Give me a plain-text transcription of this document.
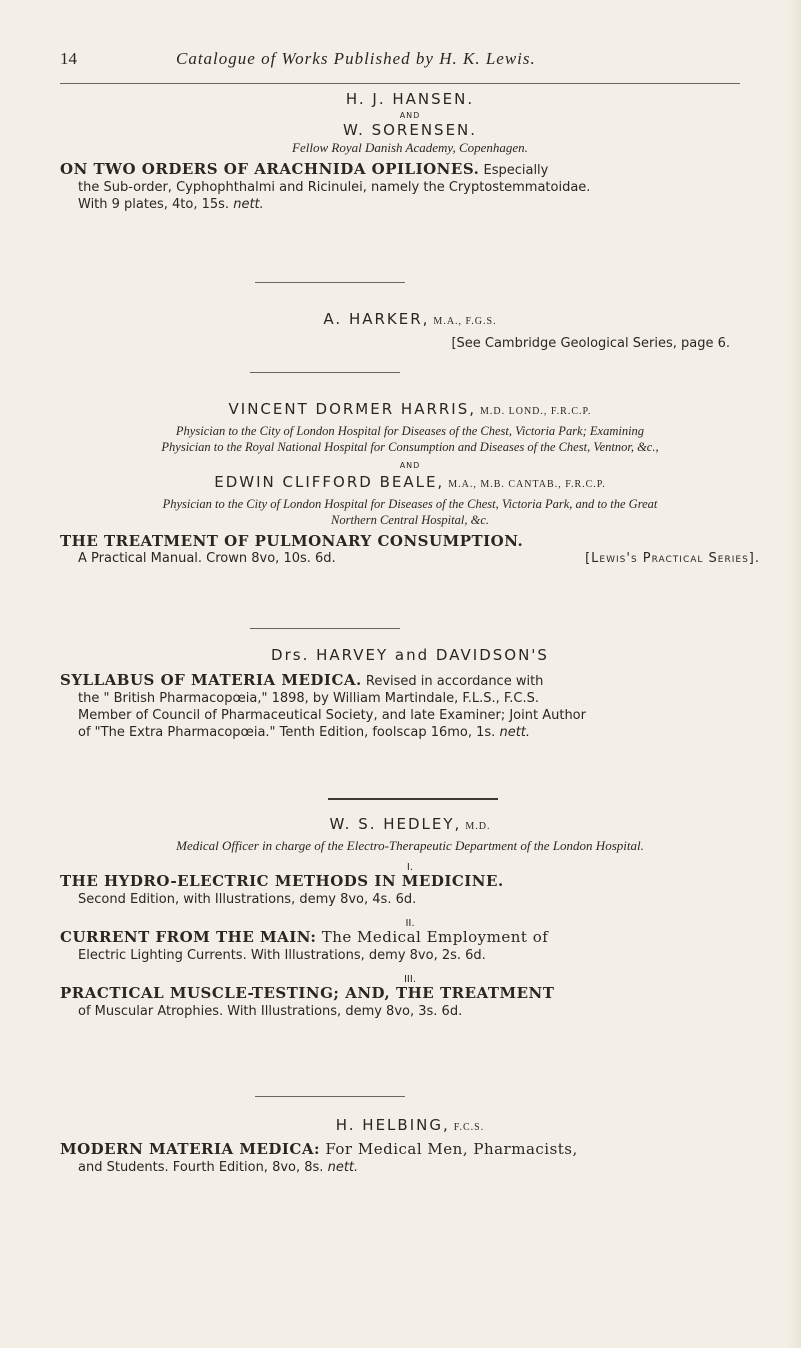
14	Catalogue of Works Published by H. K. Lewis.
H. J. HANSEN.
AND
W. SORENSEN.
Fellow Royal Danish Academy, Copenhagen.
ON TWO ORDERS OF ARACHNIDA OPILIONES. Especially
the Sub-order, Cyphophthalmi and Ricinulei, namely the Cryptostemmatoidae.
With 9 plates, 4to, 15s. nett.
A. HARKER, M.A., F.G.S.
[See Cambridge Geological Series, page 6.
VINCENT DORMER HARRIS, M.D. LOND., F.R.C.P.
Physician to the City of London Hospital for Diseases of the Chest, Victoria Park; Examining
Physician to the Royal National Hospital for Consumption and Diseases of the Chest, Ventnor, &c.,
AND
EDWIN CLIFFORD BEALE, M.A., M.B. CANTAB., F.R.C.P.
Physician to the City of London Hospital for Diseases of the Chest, Victoria Park, and to the Great
Northern Central Hospital, &c.
THE TREATMENT OF PULMONARY CONSUMPTION.
A Practical Manual. Crown 8vo, 10s. 6d.	[Lewis's Practical Series].
Drs. HARVEY and DAVIDSON'S
SYLLABUS OF MATERIA MEDICA. Revised in accordance with
the " British Pharmacopœia," 1898, by William Martindale, F.L.S., F.C.S.
Member of Council of Pharmaceutical Society, and late Examiner; Joint Author
of "The Extra Pharmacopœia." Tenth Edition, foolscap 16mo, 1s. nett.
W. S. HEDLEY, M.D.
Medical Officer in charge of the Electro-Therapeutic Department of the London Hospital.
I.
THE HYDRO-ELECTRIC METHODS IN MEDICINE.
Second Edition, with Illustrations, demy 8vo, 4s. 6d.
II.
CURRENT FROM THE MAIN: The Medical Employment of
Electric Lighting Currents. With Illustrations, demy 8vo, 2s. 6d.
III.
PRACTICAL MUSCLE-TESTING; AND, THE TREATMENT
of Muscular Atrophies. With Illustrations, demy 8vo, 3s. 6d.
H. HELBING, F.C.S.
MODERN MATERIA MEDICA: For Medical Men, Pharmacists,
and Students. Fourth Edition, 8vo, 8s. nett.
